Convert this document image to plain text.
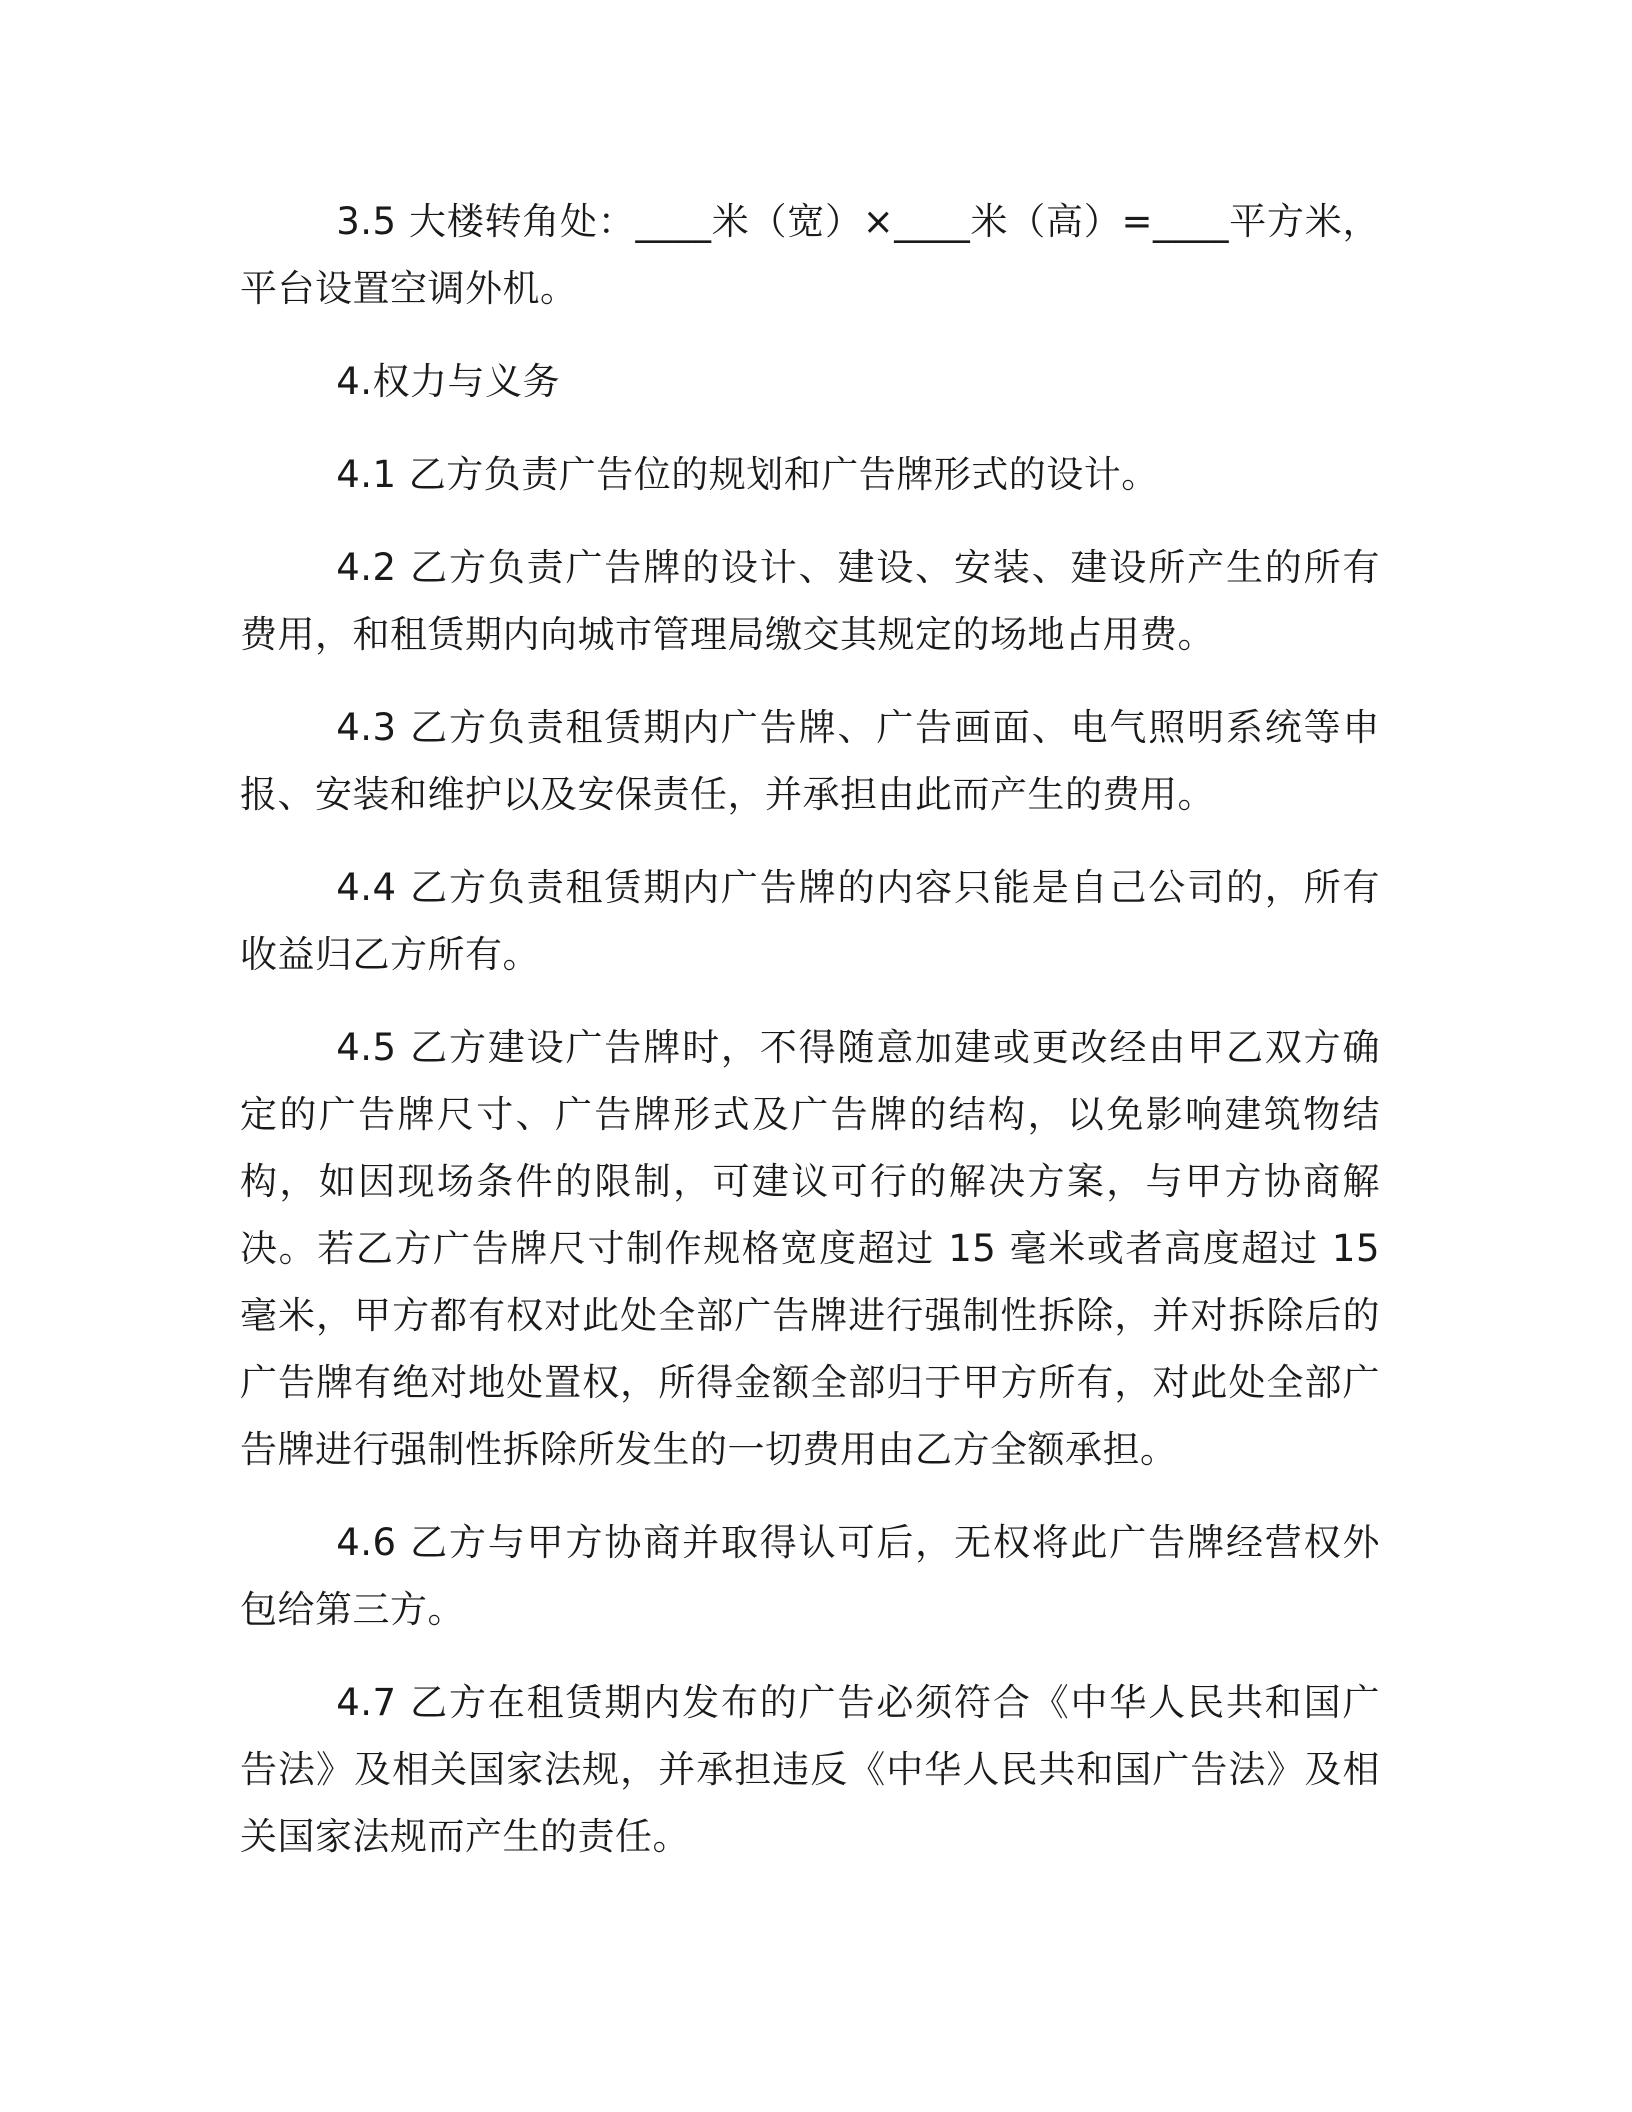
3.5 大楼转角处：____米（宽）×____米（高）=____平方米，平台设置空调外机。

4.权力与义务

4.1 乙方负责广告位的规划和广告牌形式的设计。

4.2 乙方负责广告牌的设计、建设、安装、建设所产生的所有费用，和租赁期内向城市管理局缴交其规定的场地占用费。

4.3 乙方负责租赁期内广告牌、广告画面、电气照明系统等申报、安装和维护以及安保责任，并承担由此而产生的费用。

4.4 乙方负责租赁期内广告牌的内容只能是自己公司的，所有收益归乙方所有。

4.5 乙方建设广告牌时，不得随意加建或更改经由甲乙双方确定的广告牌尺寸、广告牌形式及广告牌的结构，以免影响建筑物结构，如因现场条件的限制，可建议可行的解决方案，与甲方协商解决。若乙方广告牌尺寸制作规格宽度超过 15 毫米或者高度超过 15 毫米，甲方都有权对此处全部广告牌进行强制性拆除，并对拆除后的广告牌有绝对地处置权，所得金额全部归于甲方所有，对此处全部广告牌进行强制性拆除所发生的一切费用由乙方全额承担。

4.6 乙方与甲方协商并取得认可后，无权将此广告牌经营权外包给第三方。

4.7 乙方在租赁期内发布的广告必须符合《中华人民共和国广告法》及相关国家法规，并承担违反《中华人民共和国广告法》及相关国家法规而产生的责任。
